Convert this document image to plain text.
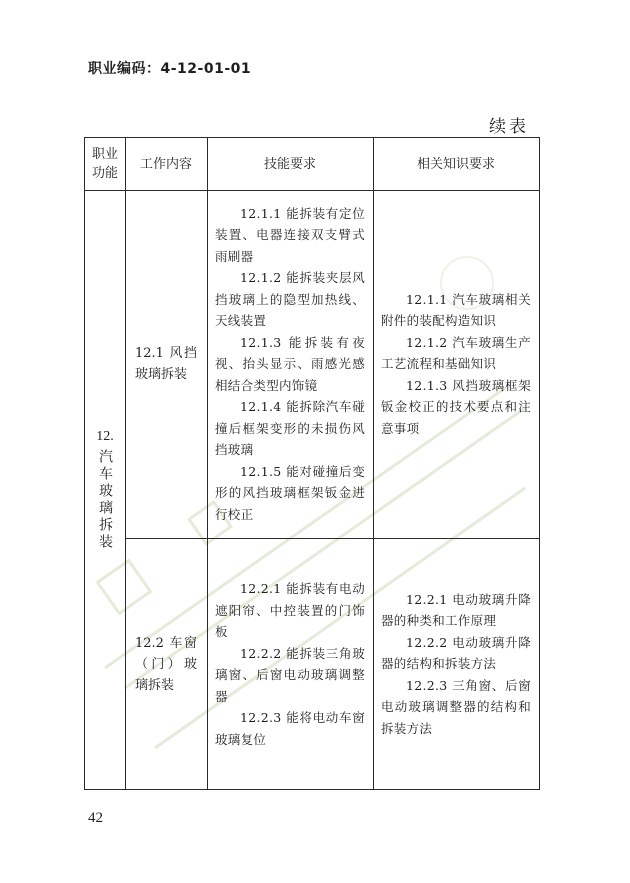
职业编码：4-12-01-01
续表
职业
功能
工作内容	技能要求	相关知识要求
12.
汽车玻璃拆装
12.1 风挡玻璃拆装
12.1.1 能拆装有定位装置、电器连接双支臂式雨刷器
12.1.2 能拆装夹层风挡玻璃上的隐型加热线、天线装置
12.1.3 能拆装有夜视、抬头显示、雨感光感相结合类型内饰镜
12.1.4 能拆除汽车碰撞后框架变形的未损伤风挡玻璃
12.1.5 能对碰撞后变形的风挡玻璃框架钣金进行校正
12.1.1 汽车玻璃相关附件的装配构造知识
12.1.2 汽车玻璃生产工艺流程和基础知识
12.1.3 风挡玻璃框架钣金校正的技术要点和注意事项
12.2 车窗（门）玻璃拆装
12.2.1 能拆装有电动遮阳帘、中控装置的门饰板
12.2.2 能拆装三角玻璃窗、后窗电动玻璃调整器
12.2.3 能将电动车窗玻璃复位
12.2.1 电动玻璃升降器的种类和工作原理
12.2.2 电动玻璃升降器的结构和拆装方法
12.2.3 三角窗、后窗电动玻璃调整器的结构和拆装方法
42
